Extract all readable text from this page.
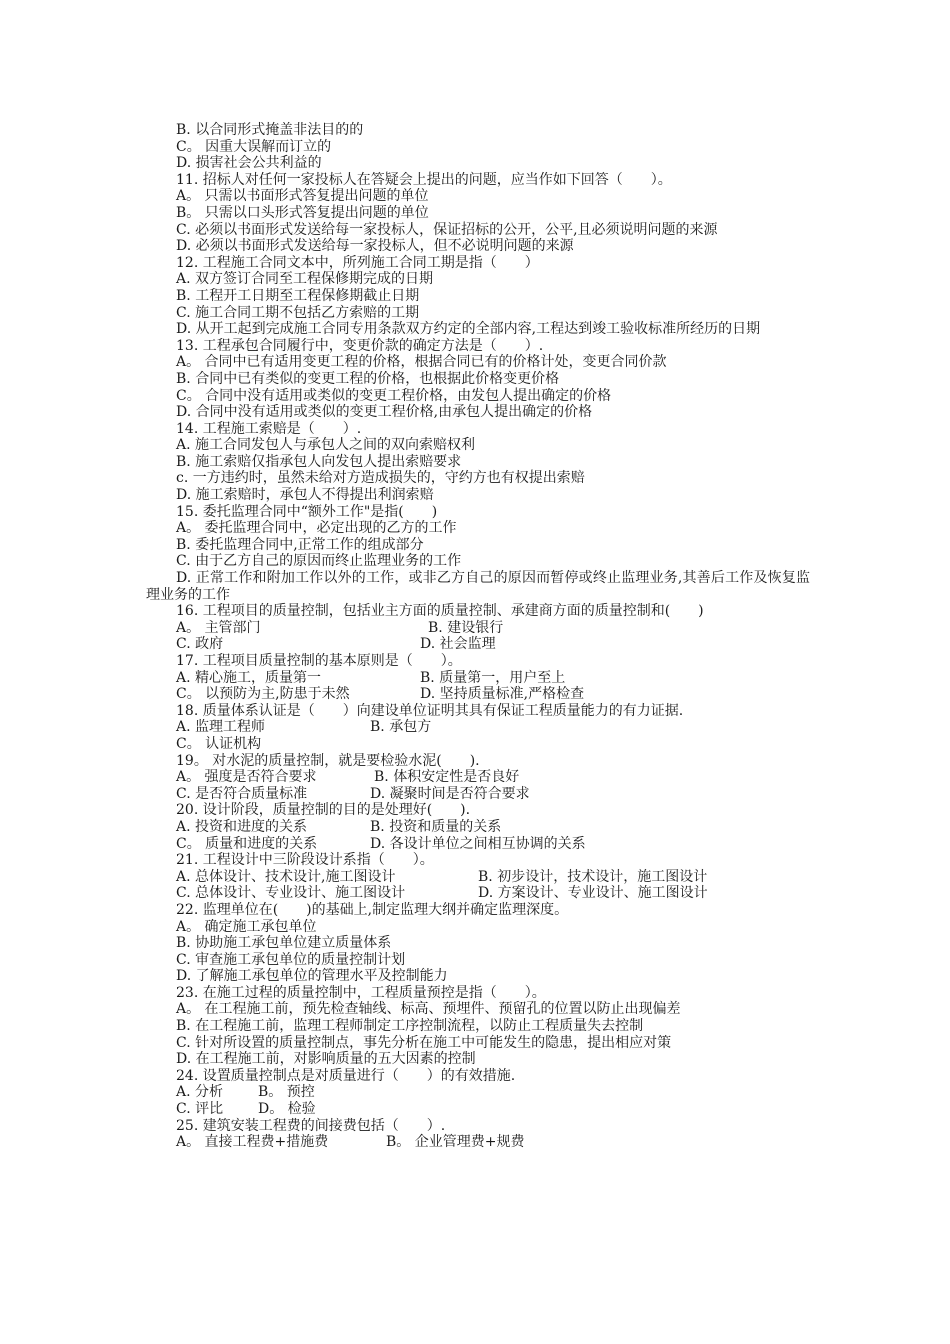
B. 以合同形式掩盖非法目的的

C。 因重大误解而订立的

D. 损害社会公共利益的

11. 招标人对任何一家投标人在答疑会上提出的问题，应当作如下回答（　　）。

A。 只需以书面形式答复提出问题的单位

B。 只需以口头形式答复提出问题的单位

C. 必须以书面形式发送给每一家投标人，保证招标的公开，公平,且必须说明问题的来源

D. 必须以书面形式发送给每一家投标人，但不必说明问题的来源

12. 工程施工合同文本中，所列施工合同工期是指（　　）

A. 双方签订合同至工程保修期完成的日期

B. 工程开工日期至工程保修期截止日期

C. 施工合同工期不包括乙方索赔的工期

D. 从开工起到完成施工合同专用条款双方约定的全部内容,工程达到竣工验收标准所经历的日期

13. 工程承包合同履行中，变更价款的确定方法是（　　）.

A。 合同中已有适用变更工程的价格，根据合同已有的价格计处，变更合同价款

B. 合同中已有类似的变更工程的价格，也根据此价格变更价格

C。 合同中没有适用或类似的变更工程价格，由发包人提出确定的价格

D. 合同中没有适用或类似的变更工程价格,由承包人提出确定的价格

14. 工程施工索赔是（　　）.

A. 施工合同发包人与承包人之间的双向索赔权利

B. 施工索赔仅指承包人向发包人提出索赔要求

c. 一方违约时，虽然未给对方造成损失的，守约方也有权提出索赔

D. 施工索赔时，承包人不得提出利润索赔

15. 委托监理合同中“额外工作"是指(　　)

A。 委托监理合同中，必定出现的乙方的工作

B. 委托监理合同中,正常工作的组成部分

C. 由于乙方自己的原因而终止监理业务的工作

D. 正常工作和附加工作以外的工作，或非乙方自己的原因而暂停或终止监理业务,其善后工作及恢复监理业务的工作

16. 工程项目的质量控制，包括业主方面的质量控制、承建商方面的质量控制和(　　)

A。 主管部门	B. 建设银行
C. 政府	D. 社会监理

17. 工程项目质量控制的基本原则是（　　）。

A. 精心施工，质量第一	B. 质量第一，用户至上
C。 以预防为主,防患于未然	D. 坚持质量标准,严格检查

18. 质量体系认证是（　　）向建设单位证明其具有保证工程质量能力的有力证据.

A. 监理工程师	B. 承包方

C。 认证机构

19。 对水泥的质量控制，就是要检验水泥(　　).

A。 强度是否符合要求	B. 体积安定性是否良好
C. 是否符合质量标准	D. 凝聚时间是否符合要求

20. 设计阶段，质量控制的目的是处理好(　　).

A. 投资和进度的关系	B. 投资和质量的关系
C。 质量和进度的关系	D. 各设计单位之间相互协调的关系

21. 工程设计中三阶段设计系指（　　）。

A. 总体设计、技术设计,施工图设计	B. 初步设计，技术设计，施工图设计
C. 总体设计、专业设计、施工图设计	D. 方案设计、专业设计、施工图设计

22. 监理单位在(　　)的基础上,制定监理大纲并确定监理深度。

A。 确定施工承包单位

B. 协助施工承包单位建立质量体系

C. 审查施工承包单位的质量控制计划

D. 了解施工承包单位的管理水平及控制能力

23. 在施工过程的质量控制中，工程质量预控是指（　　）。

A。 在工程施工前，预先检查轴线、标高、预埋件、预留孔的位置以防止出现偏差

B. 在工程施工前，监理工程师制定工序控制流程，以防止工程质量失去控制

C. 针对所设置的质量控制点，事先分析在施工中可能发生的隐患，提出相应对策

D. 在工程施工前，对影响质量的五大因素的控制

24. 设置质量控制点是对质量进行（　　）的有效措施.

A. 分析	B。 预控
C. 评比	D。 检验

25. 建筑安装工程费的间接费包括（　　）.

A。 直接工程费+措施费	B。 企业管理费+规费
